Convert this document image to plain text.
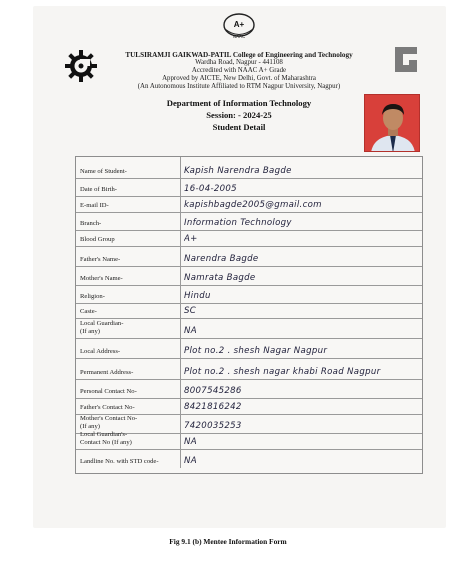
A+
NAAC
TULSIRAMJI GAIKWAD-PATIL College of Engineering and Technology
Wardha Road, Nagpur - 441108
Accredited with NAAC A+ Grade
Approved by AICTE, New Delhi, Govt. of Maharashtra
(An Autonomous Institute Affiliated to RTM Nagpur University, Nagpur)
Department of Information Technology
Session: - 2024-25
Student Detail
Name of Student-	Kapish Narendra Bagde
Date of Birth-	16-04-2005
E-mail ID-	kapishbagde2005@gmail.com
Branch-	Information Technology
Blood Group	A+
Father's Name-	Narendra Bagde
Mother's Name-	Namrata Bagde
Religion-	Hindu
Caste-	SC
Local Guardian-
(If any)	NA
Local Address-	Plot no.2 . shesh Nagar Nagpur
Permanent Address-	Plot no.2 . shesh nagar khabi Road Nagpur
Personal Contact No-	8007545286
Father's Contact No-	8421816242
Mother's Contact No-
(If any)	7420035253
Local Guardian's-
Contact No (If any)	NA
Landline No. with STD code-	NA
Fig 9.1 (b) Mentee Information Form
